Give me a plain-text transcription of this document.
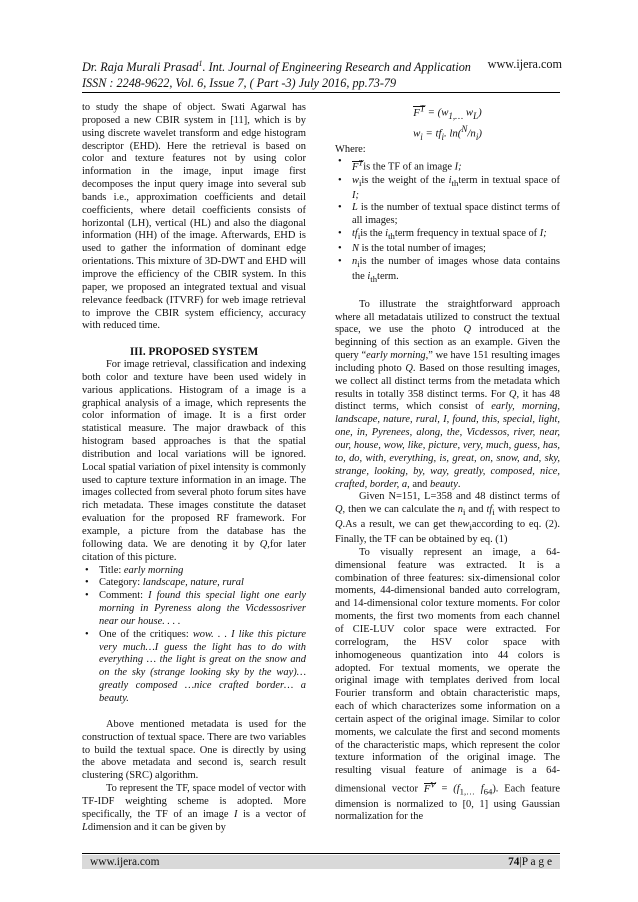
Dr. Raja Murali Prasad$^1$. Int. Journal of Engineering Research and Application
ISSN : 2248-9622, Vol. 6, Issue 7, ( Part -3) July 2016, pp.73-79
www.ijera.com

to study the shape of object. Swati Agarwal has proposed a new CBIR system in [11], which is by using discrete wavelet transform and edge histogram descriptor (EHD). Here the retrieval is based on color and texture features not by using color information in the image, input image first decomposes the input query image into several sub bands i.e., approximation coefficients and detail coefficients, where detail coefficients consists of horizontal (LH), vertical (HL) and also the diagonal information (HH) of the image. Afterwards, EHD is used to gather the information of dominant edge orientations. This mixture of 3D-DWT and EHD will improve the efficiency of the CBIR system. In this paper, we proposed an integrated textual and visual relevance feedback (ITVRF) for web image retrieval to improve the CBIR system efficiency, accuracy with reduced time.

III. PROPOSED SYSTEM

For image retrieval, classification and indexing both color and texture have been used widely in various applications. Histogram of a image is a graphical analysis of a image, which represents the color information of image. It is a first order statistical measure. The major drawback of this histogram based approaches is that the spatial distribution and local variations will be ignored. Local spatial variation of pixel intensity is commonly used to capture texture information in an image. The images collected from several photo forum sites have rich metadata. These images constitute the dataset evaluation for the proposed RF framework. For example, a picture from the database has the following data. We are denoting it by Q,for later citation of this picture.

• Title: early morning
• Category: landscape, nature, rural
• Comment: I found this special light one early morning in Pyreness along the Vicdessosriver near our house. . . .
• One of the critiques: wow. . . I like this picture very much…I guess the light has to do with everything … the light is great on the snow and on the sky (strange looking sky by the way)… greatly composed …nice crafted border… a beauty.

Above mentioned metadata is used for the construction of textual space. There are two variables to build the textual space. One is directly by using the above metadata and second is, search result clustering (SRC) algorithm.

To represent the TF, space model of vector with TF-IDF weighting scheme is adopted. More specifically, the TF of an image I is a vector of Ldimension and it can be given by

$F^T = (w_{1,\dots}$ $w_L$)
$w_i = tf_i$. $\ln(^N/n_i)$

Where:

• $F^Tis$ the TF of an image I;
• $w_iis$ the weight of the $i_{th}term$ in textual space of I;
• L is the number of textual space distinct terms of all images;
• $tf_iis$ the $i_{th}term$ frequency in textual space of I;
• N is the total number of images;
• $n_iis$ the number of images whose data contains the $i_{th}term$.

To illustrate the straightforward approach where all metadatais utilized to construct the textual space, we use the photo Q introduced at the beginning of this section as an example. Given the query “early morning,” we have 151 resulting images including photo Q. Based on those resulting images, we collect all distinct terms from the metadata which results in totally 358 distinct terms. For Q, it has 48 distinct terms, which consist of early, morning, landscape, nature, rural, I, found, this, special, light, one, in, Pyrenees, along, the, Vicdessos, river, near, our, house, wow, like, picture, very, much, guess, has, to, do, with, everything, is, great, on, snow, and, sky, strange, looking, by, way, greatly, composed, nice, crafted, border, a, and beauty.

Given N=151, L=358 and 48 distinct terms of Q, then we can calculate the $n_i$ and $tf_i$ with respect to Q.As a result, we can get thew$_i$according to eq. (2). Finally, the TF can be obtained by eq. (1)

To visually represent an image, a 64-dimensional feature was extracted. It is a combination of three features: six-dimensional color moments, 44-dimensional banded auto correlogram, and 14-dimensional color texture moments. For color moments, the first two moments from each channel of CIE-LUV color space were extracted. For correlogram, the HSV color space with inhomogeneous quantization into 44 colors is adopted. For textual moments, we operate the original image with templates derived from local Fourier transform and obtain characteristic maps, each of which characterizes some information on a certain aspect of the original image. Similar to color moments, we calculate the first and second moments of the characteristic maps, which represent the color texture information of the original image. The resulting visual feature of animage is a 64-dimensional vector $F^V = (f_{1,\dots}$ $f_{64}$). Each feature dimension is normalized to [0, 1] using Gaussian normalization for the

www.ijera.com	74|P a g e
